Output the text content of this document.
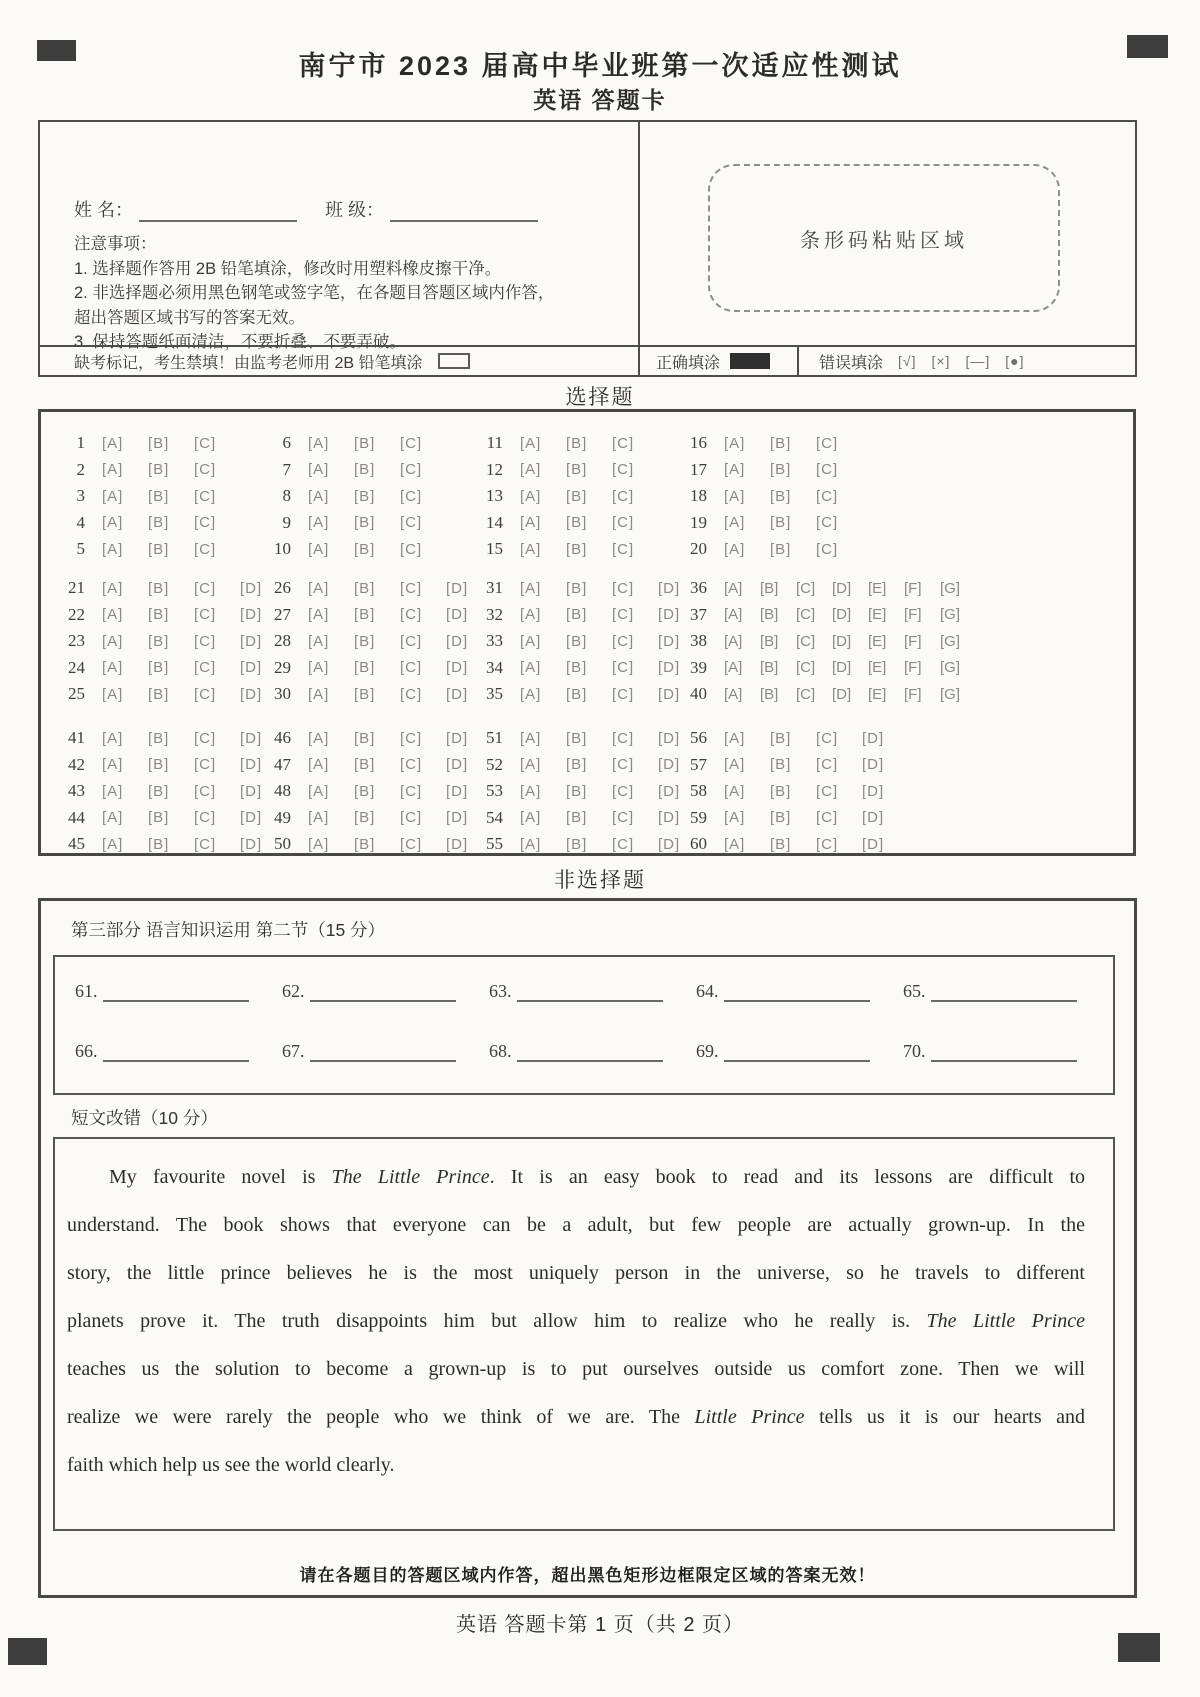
南宁市 2023 届高中毕业班第一次适应性测试
英语 答题卡
姓 名：	班 级：
注意事项：
1. 选择题作答用 2B 铅笔填涂，修改时用塑料橡皮擦干净。
2. 非选择题必须用黑色钢笔或签字笔，在各题目答题区域内作答，
超出答题区域书写的答案无效。
3. 保持答题纸面清洁，不要折叠、不要弄破。
条形码粘贴区域
缺考标记，考生禁填！由监考老师用 2B 铅笔填涂	正确填涂	错误填涂 [√] [×] [―] [●]
选择题
1 [A]	[B]	[C]
2 [A]	[B]	[C]
3 [A]	[B]	[C]
4 [A]	[B]	[C]
5 [A]	[B]	[C]
6 [A]	[B]	[C]
7 [A]	[B]	[C]
8 [A]	[B]	[C]
9 [A]	[B]	[C]
10 [A]	[B]	[C]
11 [A]	[B]	[C]
12 [A]	[B]	[C]
13 [A]	[B]	[C]
14 [A]	[B]	[C]
15 [A]	[B]	[C]
16 [A]	[B]	[C]
17 [A]	[B]	[C]
18 [A]	[B]	[C]
19 [A]	[B]	[C]
20 [A]	[B]	[C]
21 [A]	[B]	[C]	[D]
22 [A]	[B]	[C]	[D]
23 [A]	[B]	[C]	[D]
24 [A]	[B]	[C]	[D]
25 [A]	[B]	[C]	[D]
26 [A]	[B]	[C]	[D]
27 [A]	[B]	[C]	[D]
28 [A]	[B]	[C]	[D]
29 [A]	[B]	[C]	[D]
30 [A]	[B]	[C]	[D]
31 [A]	[B]	[C]	[D]
32 [A]	[B]	[C]	[D]
33 [A]	[B]	[C]	[D]
34 [A]	[B]	[C]	[D]
35 [A]	[B]	[C]	[D]
36 [A]	[B]	[C]	[D]	[E]	[F]	[G]
37 [A]	[B]	[C]	[D]	[E]	[F]	[G]
38 [A]	[B]	[C]	[D]	[E]	[F]	[G]
39 [A]	[B]	[C]	[D]	[E]	[F]	[G]
40 [A]	[B]	[C]	[D]	[E]	[F]	[G]
41 [A]	[B]	[C]	[D]
42 [A]	[B]	[C]	[D]
43 [A]	[B]	[C]	[D]
44 [A]	[B]	[C]	[D]
45 [A]	[B]	[C]	[D]
46 [A]	[B]	[C]	[D]
47 [A]	[B]	[C]	[D]
48 [A]	[B]	[C]	[D]
49 [A]	[B]	[C]	[D]
50 [A]	[B]	[C]	[D]
51 [A]	[B]	[C]	[D]
52 [A]	[B]	[C]	[D]
53 [A]	[B]	[C]	[D]
54 [A]	[B]	[C]	[D]
55 [A]	[B]	[C]	[D]
56 [A]	[B]	[C]	[D]
57 [A]	[B]	[C]	[D]
58 [A]	[B]	[C]	[D]
59 [A]	[B]	[C]	[D]
60 [A]	[B]	[C]	[D]
非选择题
第三部分 语言知识运用 第二节（15 分）
61.	62.	63.	64.	65.
66.	67.	68.	69.	70.
短文改错（10 分）
My favourite novel is The Little Prince. It is an easy book to read and its lessons are difficult to
understand. The book shows that everyone can be a adult, but few people are actually grown-up. In the
story, the little prince believes he is the most uniquely person in the universe, so he travels to different
planets prove it. The truth disappoints him but allow him to realize who he really is. The Little Prince
teaches us the solution to become a grown-up is to put ourselves outside us comfort zone. Then we will
realize we were rarely the people who we think of we are. The Little Prince tells us it is our hearts and
faith which help us see the world clearly.
请在各题目的答题区域内作答，超出黑色矩形边框限定区域的答案无效！
英语 答题卡第 1 页（共 2 页）
